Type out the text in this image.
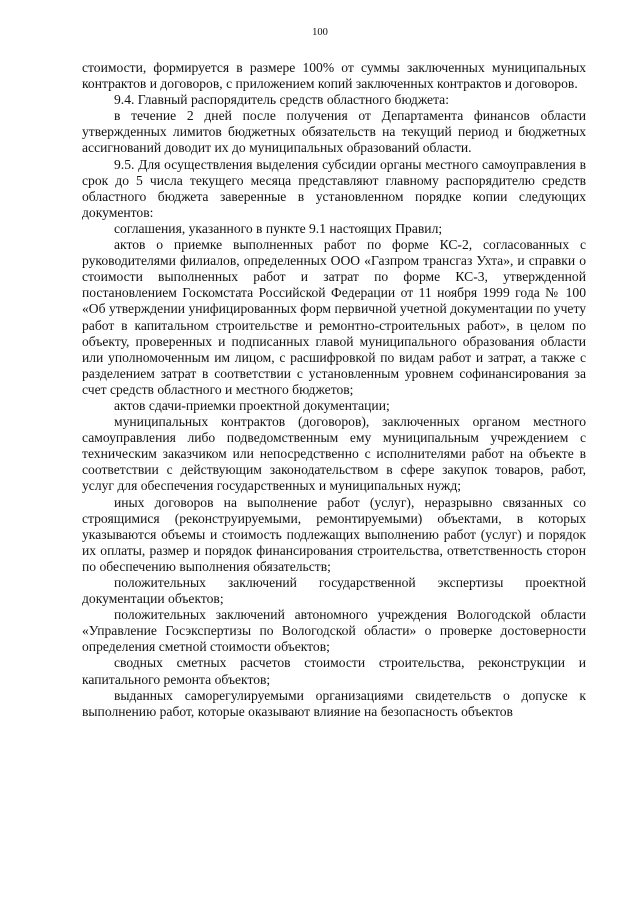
100

стоимости, формируется в размере 100% от суммы заключенных муниципальных контрактов и договоров, с приложением копий заключенных контрактов и договоров.

9.4. Главный распорядитель средств областного бюджета:

в течение 2 дней после получения от Департамента финансов области утвержденных лимитов бюджетных обязательств на текущий период и бюджетных ассигнований доводит их до муниципальных образований области.

9.5. Для осуществления выделения субсидии органы местного самоуправления в срок до 5 числа текущего месяца представляют главному распорядителю средств областного бюджета заверенные в установленном порядке копии следующих документов:

соглашения, указанного в пункте 9.1 настоящих Правил;

актов о приемке выполненных работ по форме КС-2, согласованных с руководителями филиалов, определенных ООО «Газпром трансгаз Ухта», и справки о стоимости выполненных работ и затрат по форме КС-3, утвержденной постановлением Госкомстата Российской Федерации от 11 ноября 1999 года № 100 «Об утверждении унифицированных форм первичной учетной документации по учету работ в капитальном строительстве и ремонтно-строительных работ», в целом по объекту, проверенных и подписанных главой муниципального образования области или уполномоченным им лицом, с расшифровкой по видам работ и затрат, а также с разделением затрат в соответствии с установленным уровнем софинансирования за счет средств областного и местного бюджетов;

актов сдачи-приемки проектной документации;

муниципальных контрактов (договоров), заключенных органом местного самоуправления либо подведомственным ему муниципальным учреждением с техническим заказчиком или непосредственно с исполнителями работ на объекте в соответствии с действующим законодательством в сфере закупок товаров, работ, услуг для обеспечения государственных и муниципальных нужд;

иных договоров на выполнение работ (услуг), неразрывно связанных со строящимися (реконструируемыми, ремонтируемыми) объектами, в которых указываются объемы и стоимость подлежащих выполнению работ (услуг) и порядок их оплаты, размер и порядок финансирования строительства, ответственность сторон по обеспечению выполнения обязательств;

положительных заключений государственной экспертизы проектной документации объектов;

положительных заключений автономного учреждения Вологодской области «Управление Госэкспертизы по Вологодской области» о проверке достоверности определения сметной стоимости объектов;

сводных сметных расчетов стоимости строительства, реконструкции и капитального ремонта объектов;

выданных саморегулируемыми организациями свидетельств о допуске к выполнению работ, которые оказывают влияние на безопасность объектов
